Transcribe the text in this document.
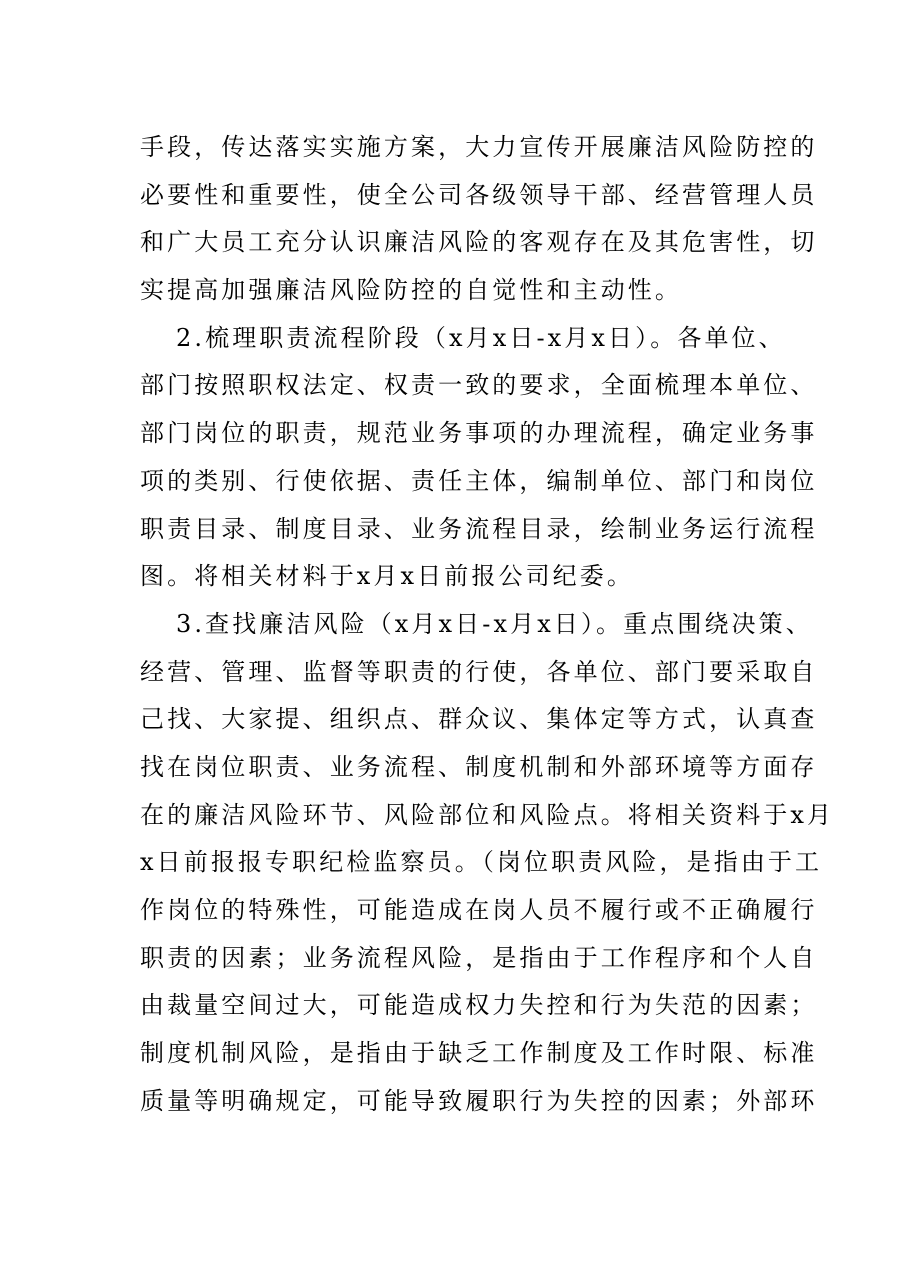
手段，传达落实实施方案，大力宣传开展廉洁风险防控的
必要性和重要性，使全公司各级领导干部、经营管理人员
和广大员工充分认识廉洁风险的客观存在及其危害性，切
实提高加强廉洁风险防控的自觉性和主动性。
2.梳理职责流程阶段（x月x日-x月x日）。各单位、
部门按照职权法定、权责一致的要求，全面梳理本单位、
部门岗位的职责，规范业务事项的办理流程，确定业务事
项的类别、行使依据、责任主体，编制单位、部门和岗位
职责目录、制度目录、业务流程目录，绘制业务运行流程
图。将相关材料于x月x日前报公司纪委。
3.查找廉洁风险（x月x日-x月x日）。重点围绕决策、
经营、管理、监督等职责的行使，各单位、部门要采取自
己找、大家提、组织点、群众议、集体定等方式，认真查
找在岗位职责、业务流程、制度机制和外部环境等方面存
在的廉洁风险环节、风险部位和风险点。将相关资料于x月
x日前报报专职纪检监察员。（岗位职责风险，是指由于工
作岗位的特殊性，可能造成在岗人员不履行或不正确履行
职责的因素；业务流程风险，是指由于工作程序和个人自
由裁量空间过大，可能造成权力失控和行为失范的因素；
制度机制风险，是指由于缺乏工作制度及工作时限、标准
质量等明确规定，可能导致履职行为失控的因素；外部环
